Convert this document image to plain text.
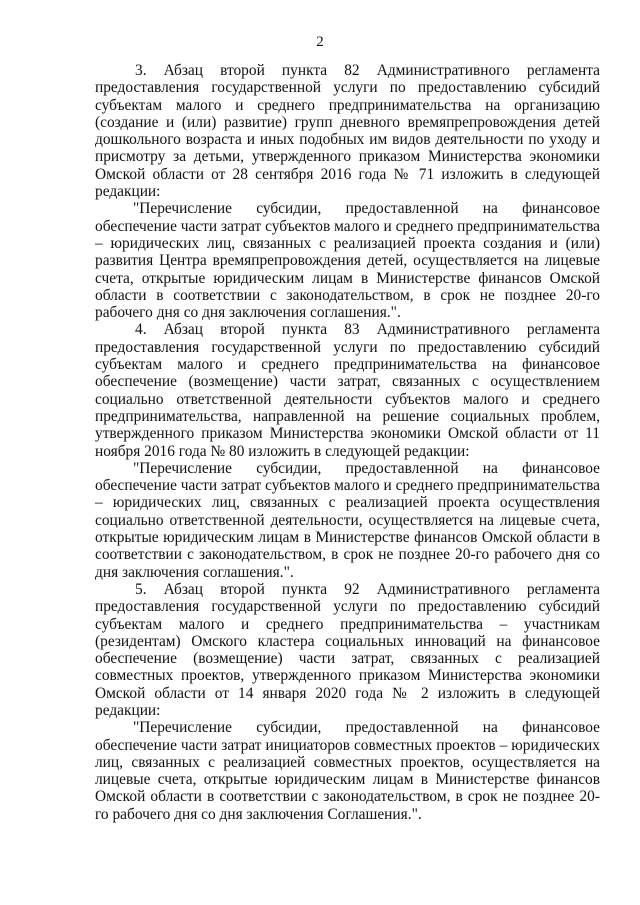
2

3. Абзац второй пункта 82 Административного регламента предоставления государственной услуги по предоставлению субсидий субъектам малого и среднего предпринимательства на организацию (создание и (или) развитие) групп дневного времяпрепровождения детей дошкольного возраста и иных подобных им видов деятельности по уходу и присмотру за детьми, утвержденного приказом Министерства экономики Омской области от 28 сентября 2016 года № 71 изложить в следующей редакции:

"Перечисление субсидии, предоставленной на финансовое обеспечение части затрат субъектов малого и среднего предпринимательства – юридических лиц, связанных с реализацией проекта создания и (или) развития Центра времяпрепровождения детей, осуществляется на лицевые счета, открытые юридическим лицам в Министерстве финансов Омской области в соответствии с законодательством, в срок не позднее 20-го рабочего дня со дня заключения соглашения.".

4. Абзац второй пункта 83 Административного регламента предоставления государственной услуги по предоставлению субсидий субъектам малого и среднего предпринимательства на финансовое обеспечение (возмещение) части затрат, связанных с осуществлением социально ответственной деятельности субъектов малого и среднего предпринимательства, направленной на решение социальных проблем, утвержденного приказом Министерства экономики Омской области от 11 ноября 2016 года № 80 изложить в следующей редакции:

"Перечисление субсидии, предоставленной на финансовое обеспечение части затрат субъектов малого и среднего предпринимательства – юридических лиц, связанных с реализацией проекта осуществления социально ответственной деятельности, осуществляется на лицевые счета, открытые юридическим лицам в Министерстве финансов Омской области в соответствии с законодательством, в срок не позднее 20-го рабочего дня со дня заключения соглашения.".

5. Абзац второй пункта 92 Административного регламента предоставления государственной услуги по предоставлению субсидий субъектам малого и среднего предпринимательства – участникам (резидентам) Омского кластера социальных инноваций на финансовое обеспечение (возмещение) части затрат, связанных с реализацией совместных проектов, утвержденного приказом Министерства экономики Омской области от 14 января 2020 года № 2 изложить в следующей редакции:

"Перечисление субсидии, предоставленной на финансовое обеспечение части затрат инициаторов совместных проектов – юридических лиц, связанных с реализацией совместных проектов, осуществляется на лицевые счета, открытые юридическим лицам в Министерстве финансов Омской области в соответствии с законодательством, в срок не позднее 20-го рабочего дня со дня заключения Соглашения.".
